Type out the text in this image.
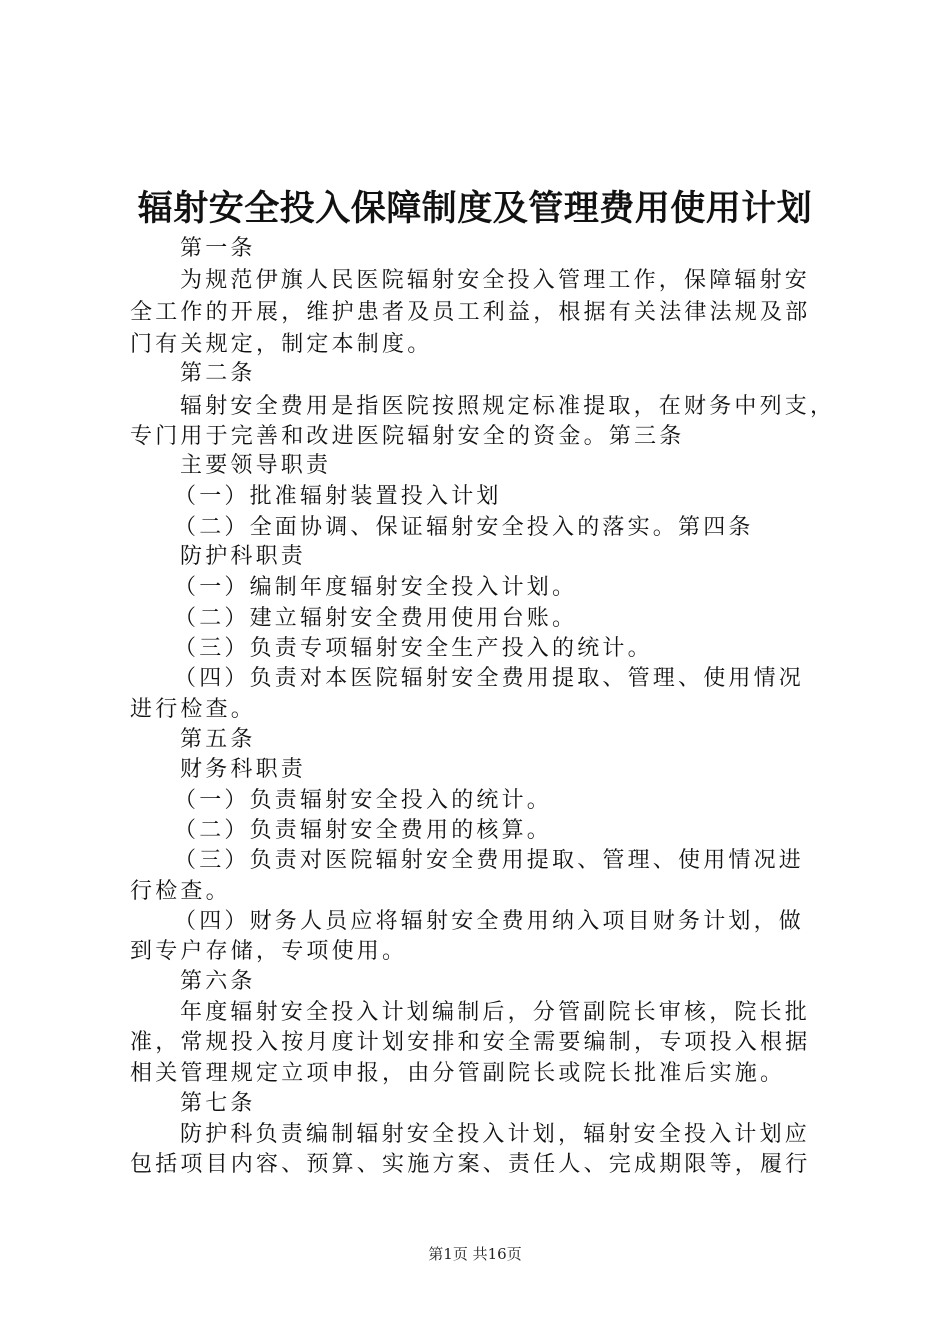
辐射安全投入保障制度及管理费用使用计划
第一条
为规范伊旗人民医院辐射安全投入管理工作，保障辐射安
全工作的开展，维护患者及员工利益，根据有关法律法规及部
门有关规定，制定本制度。
第二条
辐射安全费用是指医院按照规定标准提取，在财务中列支，
专门用于完善和改进医院辐射安全的资金。第三条
主要领导职责
（一）批准辐射装置投入计划
（二）全面协调、保证辐射安全投入的落实。第四条
防护科职责
（一）编制年度辐射安全投入计划。
（二）建立辐射安全费用使用台账。
（三）负责专项辐射安全生产投入的统计。
（四）负责对本医院辐射安全费用提取、管理、使用情况
进行检查。
第五条
财务科职责
（一）负责辐射安全投入的统计。
（二）负责辐射安全费用的核算。
（三）负责对医院辐射安全费用提取、管理、使用情况进
行检查。
（四）财务人员应将辐射安全费用纳入项目财务计划，做
到专户存储，专项使用。
第六条
年度辐射安全投入计划编制后，分管副院长审核，院长批
准，常规投入按月度计划安排和安全需要编制，专项投入根据
相关管理规定立项申报，由分管副院长或院长批准后实施。
第七条
防护科负责编制辐射安全投入计划，辐射安全投入计划应
包括项目内容、预算、实施方案、责任人、完成期限等，履行
第1页 共16页
